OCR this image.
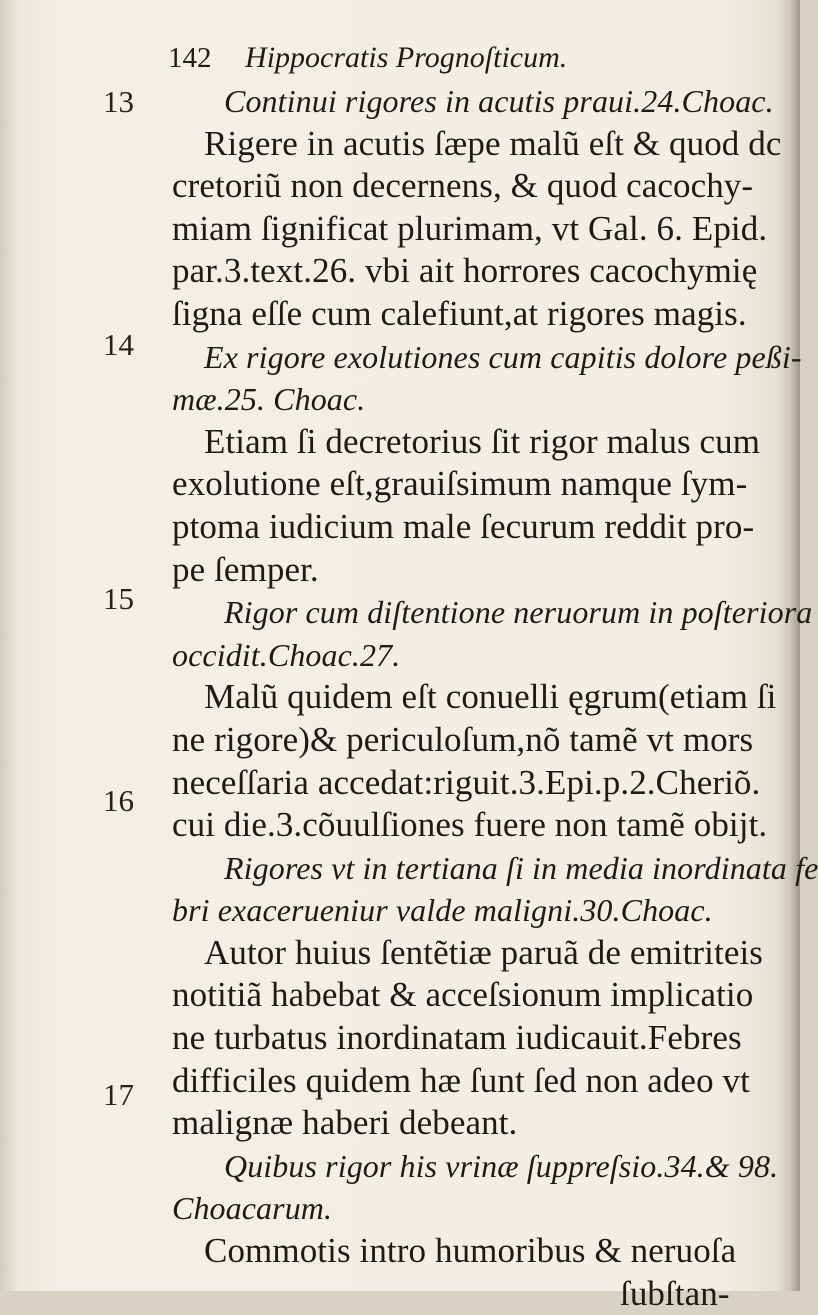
142 Hippocratis Prognoſticum.
13
14
15
16
17
Continui rigores in acutis praui.24.Choac.
Rigere in acutis ſæpe malũ eſt & quod dc
cretoriũ non decernens, & quod cacochy-
miam ſignificat plurimam, vt Gal. 6. Epid.
par.3.text.26. vbi ait horrores cacochymię
ſigna eſſe cum calefiunt,at rigores magis.
Ex rigore exolutiones cum capitis dolore peßi-
mæ.25. Choac.
Etiam ſi decretorius ſit rigor malus cum
exolutione eſt,grauiſsimum namque ſym-
ptoma iudicium male ſecurum reddit pro-
pe ſemper.
Rigor cum diſtentione neruorum in poſteriora
occidit.Choac.27.
Malũ quidem eſt conuelli ęgrum(etiam ſi
ne rigore)& periculoſum,nõ tamẽ vt mors
neceſſaria accedat:riguit.3.Epi.p.2.Cheriõ.
cui die.3.cõuulſiones fuere non tamẽ obijt.
Rigores vt in tertiana ſi in media inordinata fe
bri exacerueniur valde maligni.30.Choac.
Autor huius ſentẽtiæ paruã de emitriteis
notitiã habebat & acceſsionum implicatio
ne turbatus inordinatam iudicauit.Febres
difficiles quidem hæ ſunt ſed non adeo vt
malignæ haberi debeant.
Quibus rigor his vrinæ ſuppreſsio.34.& 98.
Choacarum.
Commotis intro humoribus & neruoſa
ſubſtan-
